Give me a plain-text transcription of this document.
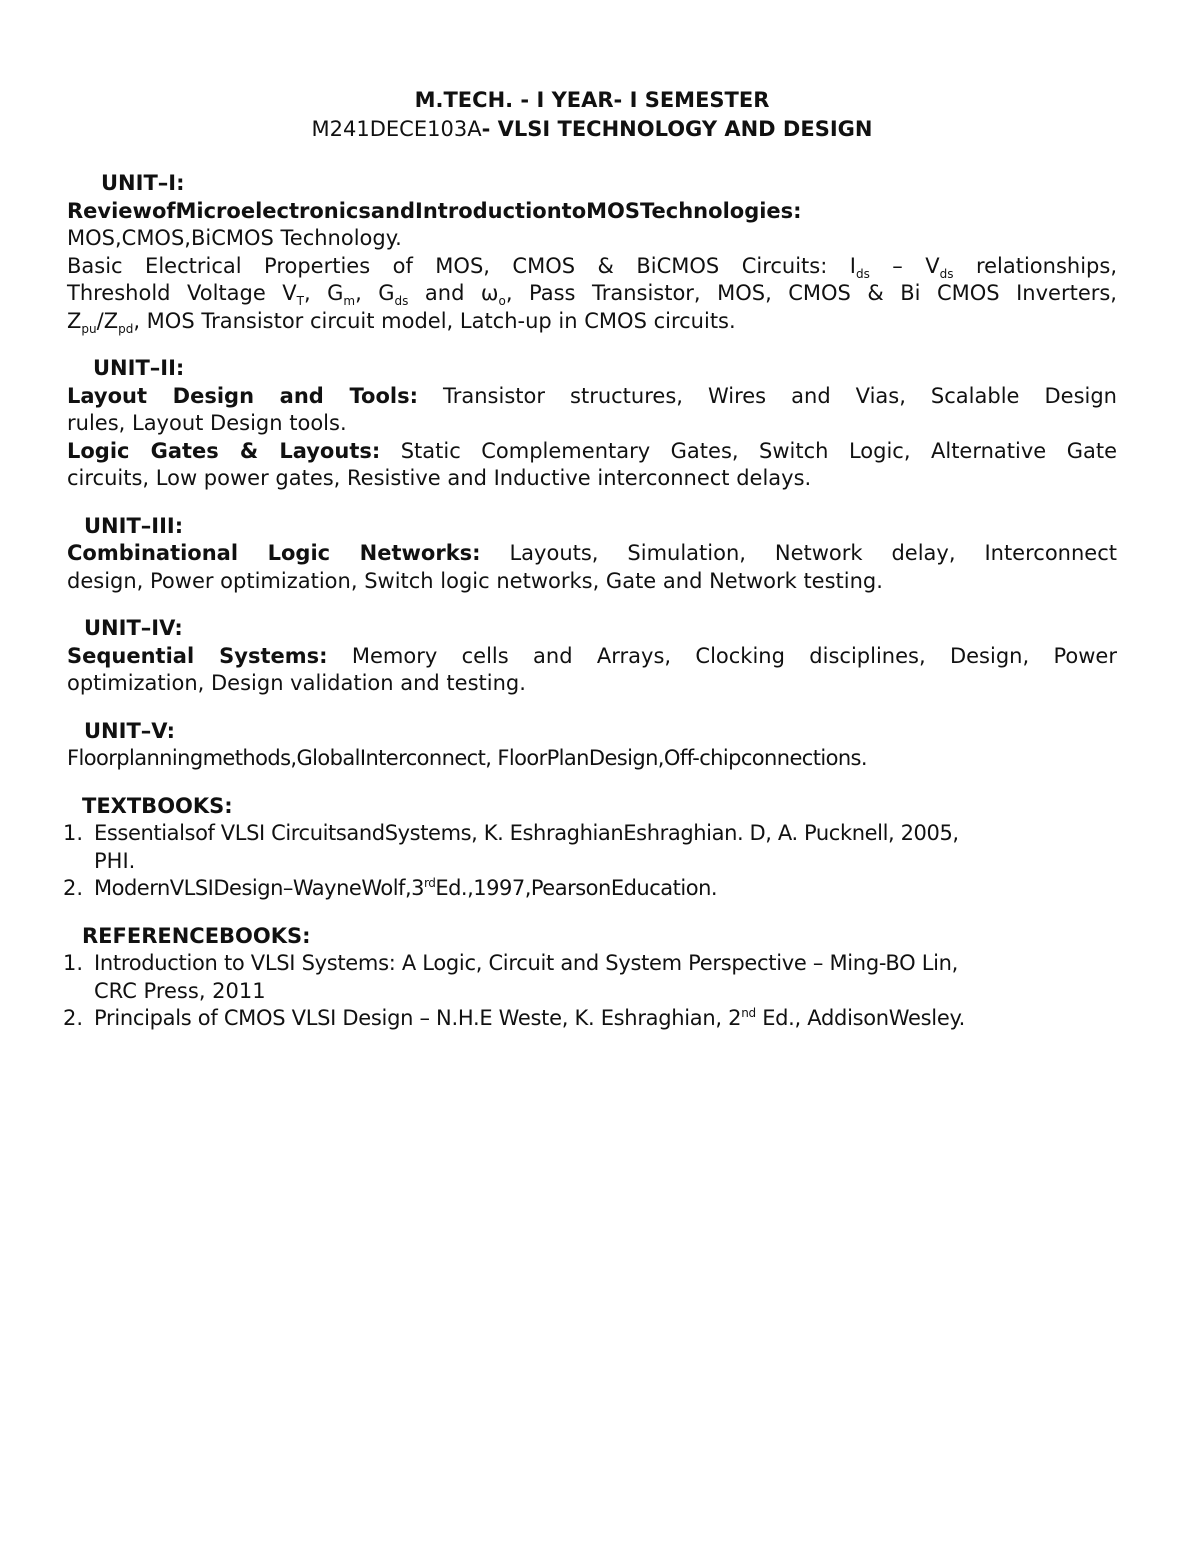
M.TECH. - I YEAR- I SEMESTER
M241DECE103A- VLSI TECHNOLOGY AND DESIGN
UNIT–I:
ReviewofMicroelectronicsandIntroductiontoMOSTechnologies:
MOS,CMOS,BiCMOS Technology.
Basic Electrical Properties of MOS, CMOS & BiCMOS Circuits: $I_{ds} - V_{ds}$ relationships,
Threshold Voltage $V_T$, $G_m$, $G_{ds}$ and $\omega_o$, Pass Transistor, MOS, CMOS & Bi CMOS Inverters,
$Z_{pu}/Z_{pd}$, MOS Transistor circuit model, Latch-up in CMOS circuits.
UNIT–II:
Layout Design and Tools: Transistor structures, Wires and Vias, Scalable Design
rules, Layout Design tools.
Logic Gates & Layouts: Static Complementary Gates, Switch Logic, Alternative Gate
circuits, Low power gates, Resistive and Inductive interconnect delays.
UNIT–III:
Combinational Logic Networks: Layouts, Simulation, Network delay, Interconnect
design, Power optimization, Switch logic networks, Gate and Network testing.
UNIT–IV:
Sequential Systems: Memory cells and Arrays, Clocking disciplines, Design, Power
optimization, Design validation and testing.
UNIT–V:
Floorplanningmethods,GlobalInterconnect, FloorPlanDesign,Off-chipconnections.
TEXTBOOKS:
1. Essentialsof VLSI CircuitsandSystems, K. EshraghianEshraghian. D, A. Pucknell, 2005,
PHI.
2. ModernVLSIDesign–WayneWolf,3rdEd.,1997,PearsonEducation.
REFERENCEBOOKS:
1. Introduction to VLSI Systems: A Logic, Circuit and System Perspective – Ming-BO Lin,
CRC Press, 2011
2. Principals of CMOS VLSI Design – N.H.E Weste, K. Eshraghian, 2nd Ed., AddisonWesley.
